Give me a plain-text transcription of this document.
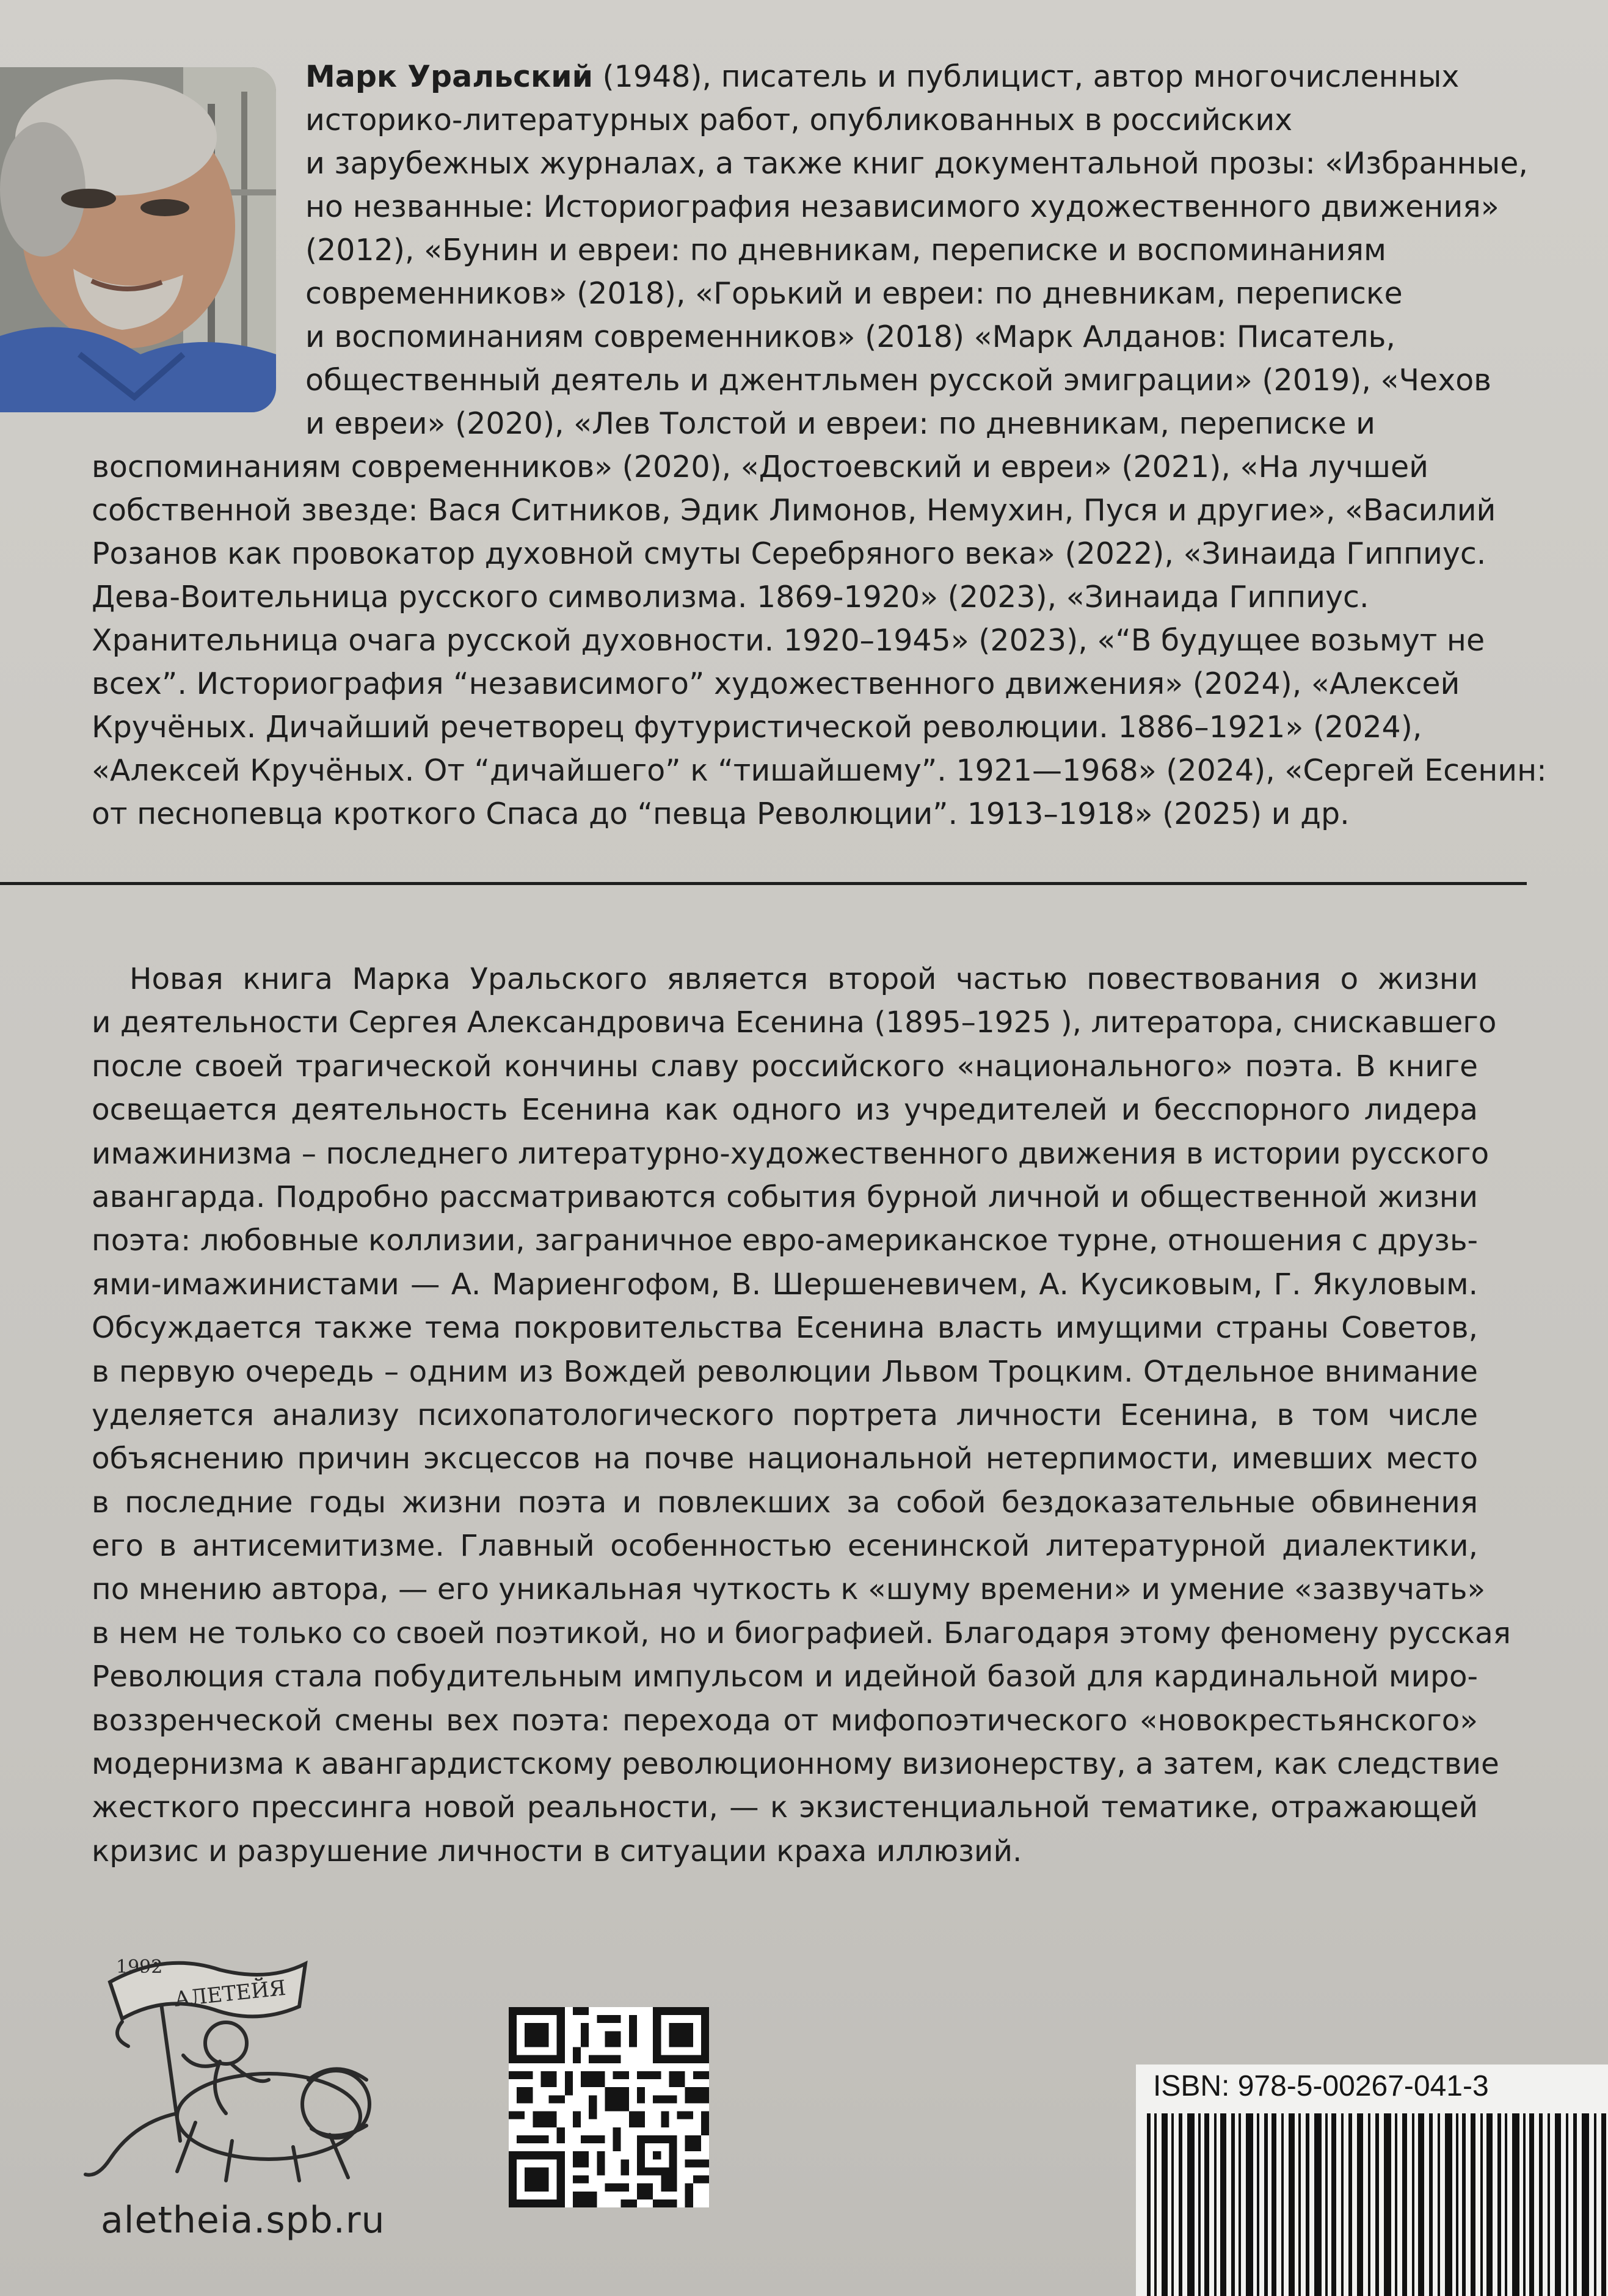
Марк Уральский (1948), писатель и публицист, автор многочисленных
историко-литературных работ, опубликованных в российских
и зарубежных журналах, а также книг документальной прозы: «Избранные,
но незванные: Историография независимого художественного движения»
(2012), «Бунин и евреи: по дневникам, переписке и воспоминаниям
современников» (2018), «Горький и евреи: по дневникам, переписке
и воспоминаниям современников» (2018) «Марк Алданов: Писатель,
общественный деятель и джентльмен русской эмиграции» (2019), «Чехов
и евреи» (2020), «Лев Толстой и евреи: по дневникам, переписке и
воспоминаниям современников» (2020), «Достоевский и евреи» (2021), «На лучшей
собственной звезде: Вася Ситников, Эдик Лимонов, Немухин, Пуся и другие», «Василий
Розанов как провокатор духовной смуты Серебряного века» (2022), «Зинаида Гиппиус.
Дева-Воительница русского символизма. 1869-1920» (2023), «Зинаида Гиппиус.
Хранительница очага русской духовности. 1920–1945» (2023), «“В будущее возьмут не
всех”. Историография “независимого” художественного движения» (2024), «Алексей
Кручёных. Дичайший речетворец футуристической революции. 1886–1921» (2024),
«Алексей Кручёных. От “дичайшего” к “тишайшему”. 1921—1968» (2024), «Сергей Есенин:
от песнопевца кроткого Спаса до “певца Революции”. 1913–1918» (2025) и др.
Новая книга Марка Уральского является второй частью повествования о жизни
и деятельности Сергея Александровича Есенина (1895–1925 ), литератора, снискавшего
после своей трагической кончины славу российского «национального» поэта. В книге
освещается деятельность Есенина как одного из учредителей и бесспорного лидера
имажинизма – последнего литературно-художественного движения в истории русского
авангарда. Подробно рассматриваются события бурной личной и общественной жизни
поэта: любовные коллизии, заграничное евро-американское турне, отношения с друзь-
ями-имажинистами — А. Мариенгофом, В. Шершеневичем, А. Кусиковым, Г. Якуловым.
Обсуждается также тема покровительства Есенина власть имущими страны Советов,
в первую очередь – одним из Вождей революции Львом Троцким. Отдельное внимание
уделяется анализу психопатологического портрета личности Есенина, в том числе
объяснению причин эксцессов на почве национальной нетерпимости, имевших место
в последние годы жизни поэта и повлекших за собой бездоказательные обвинения
его в антисемитизме. Главный особенностью есенинской литературной диалектики,
по мнению автора, — его уникальная чуткость к «шуму времени» и умение «зазвучать»
в нем не только со своей поэтикой, но и биографией. Благодаря этому феномену русская
Революция стала побудительным импульсом и идейной базой для кардинальной миро-
воззренческой смены вех поэта: перехода от мифопоэтического «новокрестьянского»
модернизма к авангардистскому революционному визионерству, а затем, как следствие
жесткого прессинга новой реальности, — к экзистенциальной тематике, отражающей
кризис и разрушение личности в ситуации краха иллюзий.
1992
АЛЕТЕЙЯ
aletheia.spb.ru
ISBN: 978-5-00267-041-3
